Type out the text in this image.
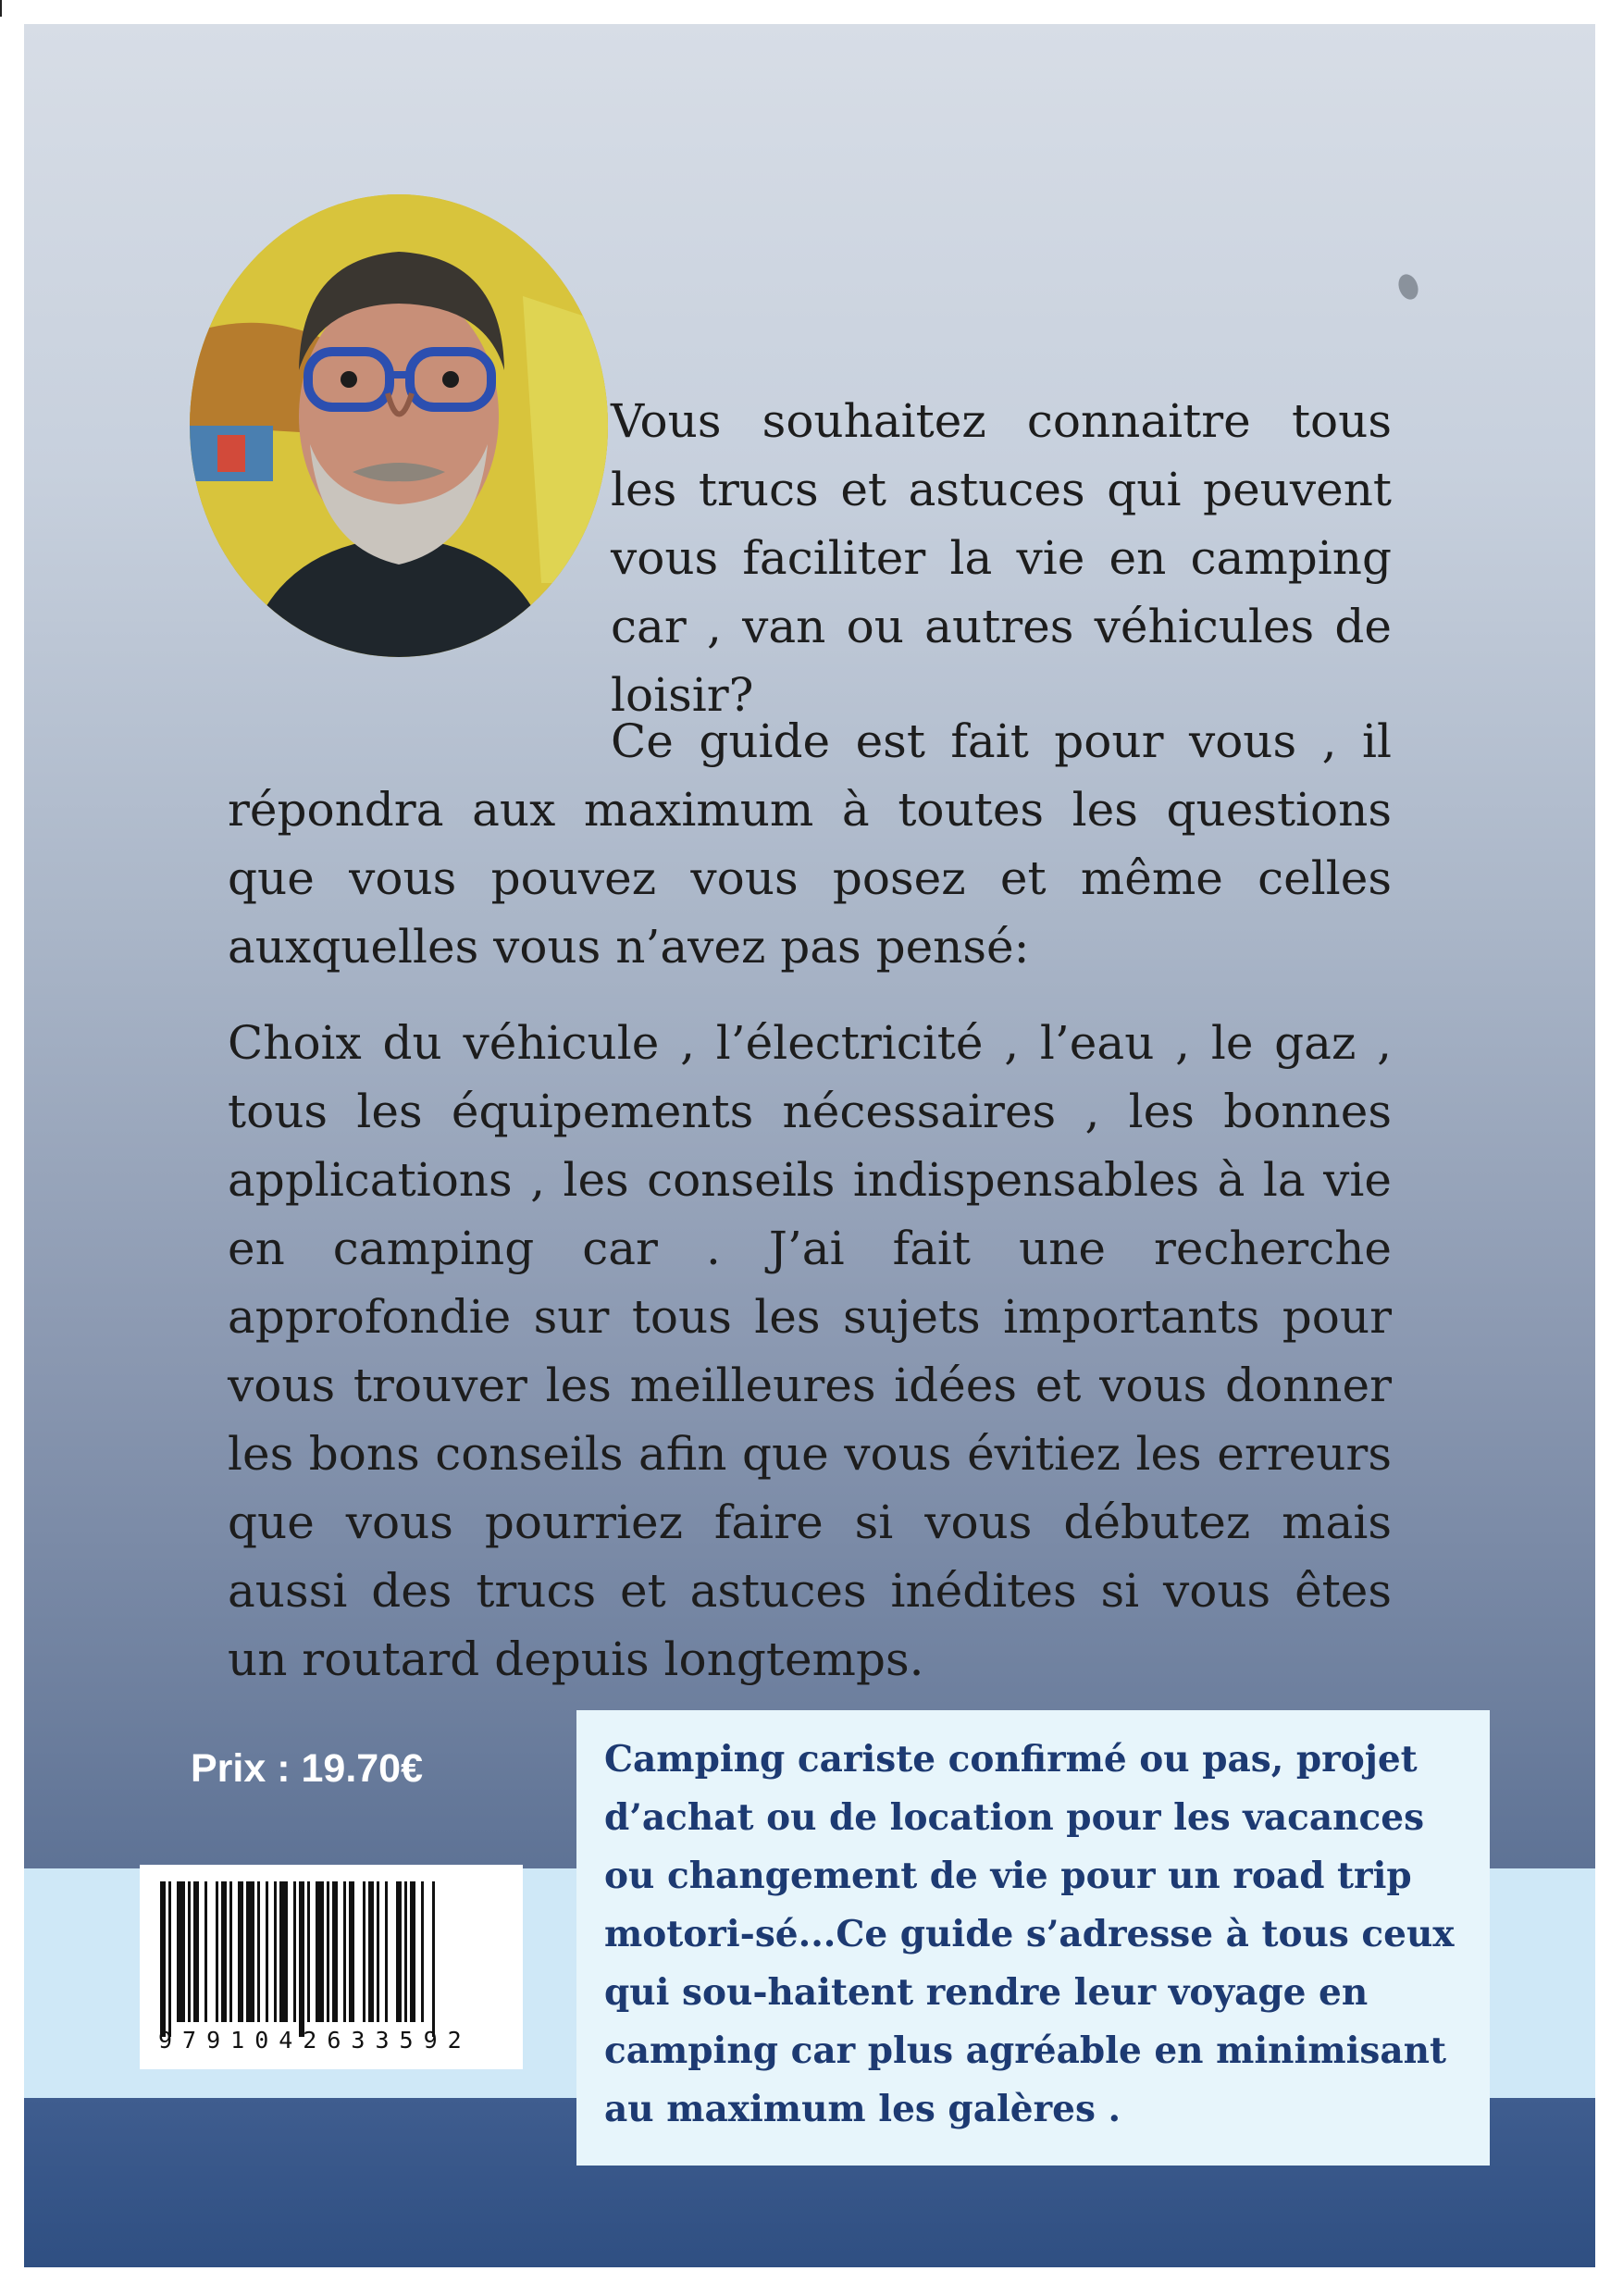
Vous souhaitez connaitre tous les trucs et astuces qui peuvent vous faciliter la vie en camping car , van ou autres véhicules de loisir?

Ce guide est fait pour vous , il répondra aux maximum à toutes les questions que vous pouvez vous posez et même celles auxquelles vous n’avez pas pensé:

Choix du véhicule , l’électricité , l’eau , le gaz , tous les équipements nécessaires , les bonnes applications , les conseils indispensables à la vie en camping car . J’ai fait une recherche approfondie sur tous les sujets importants pour vous trouver les meilleures idées et vous donner les bons conseils afin que vous évitiez les erreurs que vous pourriez faire si vous débutez mais aussi des trucs et astuces inédites si vous êtes un routard depuis longtemps.

Prix : 19.70€
9791042633592

Camping cariste confirmé ou pas, projet d’achat ou de location pour les vacances ou changement de vie pour un road trip motori-sé...Ce guide s’adresse à tous ceux qui sou-haitent rendre leur voyage en camping car plus agréable en minimisant au maximum les galères .
